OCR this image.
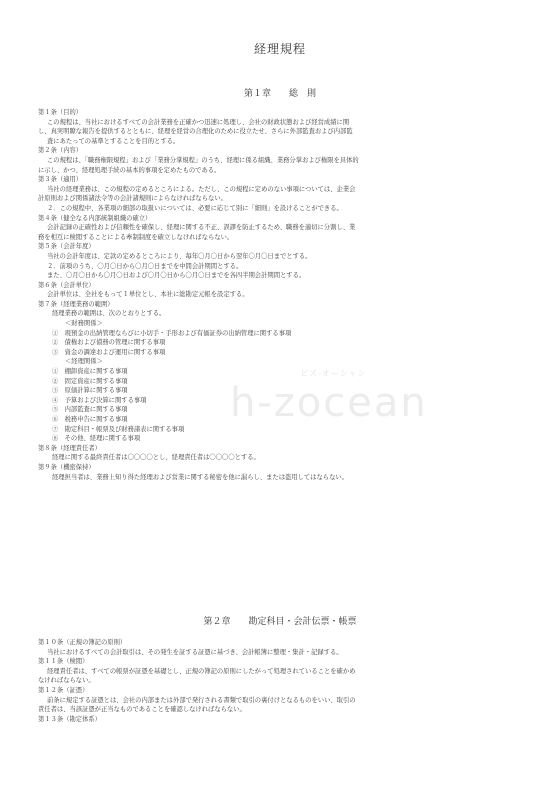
経理規程
第１章　　総　則
第１条（目的）
この規程は、当社におけるすべての会計業務を正確かつ迅速に処理し、会社の財政状態および経営成績に関
し、真実明瞭な報告を提供するとともに、経理を経営の合理化のために役立たせ、さらに外部監査および内部監
査にあたっての基準とすることを目的とする。
第２条（内容）
この規程は、「職務権限規程」および「業務分掌規程」のうち、経理に係る組織、業務分掌および権限を具体的
に示し、かつ、経理処理手続の基本的事項を定めたものである。
第３条（適用）
当社の経理業務は、この規程の定めるところによる。ただし、この規程に定めのない事項については、企業会
計原則および関係諸法令等の会計諸規則によらなければならない。
２．この規程中、各業項の細部の取扱いについては、必要に応じて別に「細則」を設けることができる。
第４条（健全なる内部統制組織の確立）
会計記録の正確性および信頼性を確保し、経理に関する不正、誤謬を防止するため、職務を適切に分割し、業
務を相互に検閲することによる牽制制度を確立しなければならない。
第５条（会計年度）
当社の会計年度は、定款の定めるところにより、毎年〇月〇日から翌年〇月〇日までとする。
２．前項のうち、〇月〇日から〇月〇日までを中間会計期間とする。
また、〇月〇日から〇月〇日および〇月〇日から〇月〇日までを各四半期会計期間とする。
第６条（会計単位）
会計単位は、全社をもって１単位とし、本社に総勘定元帳を設定する。
第７条（経理業務の範囲）
経理業務の範囲は、次のとおりとする。
＜財務関係＞
①　現預金の出納管理ならびに小切手・手形および有価証券の出納管理に関する事項
②　債権および債務の管理に関する事項
③　資金の調達および運用に関する事項
＜経理関係＞
①　棚卸資産に関する事項
②　固定資産に関する事項
③　原価計算に関する事項
④　予算および決算に関する事項
⑤　内部監査に関する事項
⑥　税務申告に関する事項
⑦　勘定科目・帳票及び財務諸表に関する事項
⑧　その他、経理に関する事項
第８条（経理責任者）
経理に関する最終責任者は〇〇〇〇とし、経理責任者は〇〇〇〇とする。
第９条（機密保持）
経理担当者は、業務上知り得た経理および営業に関する秘密を他に漏らし、または盗用してはならない。
第２章　　勘定科目・会計伝票・帳票
第１０条（正規の簿記の原則）
当社におけるすべての会計取引は、その発生を証する証憑に基づき、会計帳簿に整理・集計・記録する。
第１１条（検閲）
経理責任者は、すべての帳票が証憑を基礎とし、正規の簿記の原則にしたがって処理されていることを確かめ
なければならない。
第１２条（証憑）
前条に規定する証憑とは、会社の内部または外部で発行される書類で取引の裏付けとなるものをいい、取引の
責任者は、当該証憑が正当なものであることを確認しなければならない。
第１３条（勘定体系）
ビズ-オーシャン
h-zocean
